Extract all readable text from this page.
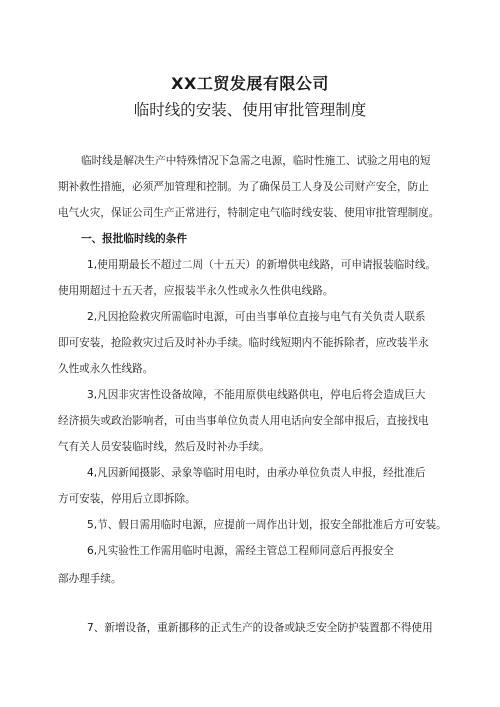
XX工贸发展有限公司
临时线的安装、使用审批管理制度
临时线是解决生产中特殊情况下急需之电源，临时性施工、试验之用电的短
期补救性措施，必须严加管理和控制。为了确保员工人身及公司财产安全，防止
电气火灾，保证公司生产正常进行，特制定电气临时线安装、使用审批管理制度。
一、报批临时线的条件
1,使用期最长不超过二周（十五天）的新增供电线路，可申请报装临时线。
使用期超过十五天者，应报装半永久性或永久性供电线路。
2,凡因抢险救灾所需临时电源，可由当事单位直接与电气有关负责人联系
即可安装，抢险救灾过后及时补办手续。临时线短期内不能拆除者，应改装半永
久性或永久性线路。
3,凡因非灾害性设备故障，不能用原供电线路供电，停电后将会造成巨大
经济损失或政治影响者，可由当事单位负责人用电话向安全部申报后，直接找电
气有关人员安装临时线，然后及时补办手续。
4,凡因新闻摄影、录象等临时用电时，由承办单位负责人申报，经批准后
方可安装，停用后立即拆除。
5,节、假日需用临时电源，应提前一周作出计划，报安全部批准后方可安装。
6,凡实验性工作需用临时电源，需经主管总工程师同意后再报安全
部办理手续。
7、新增设备，重新挪移的正式生产的设备或缺乏安全防护装置都不得使用
